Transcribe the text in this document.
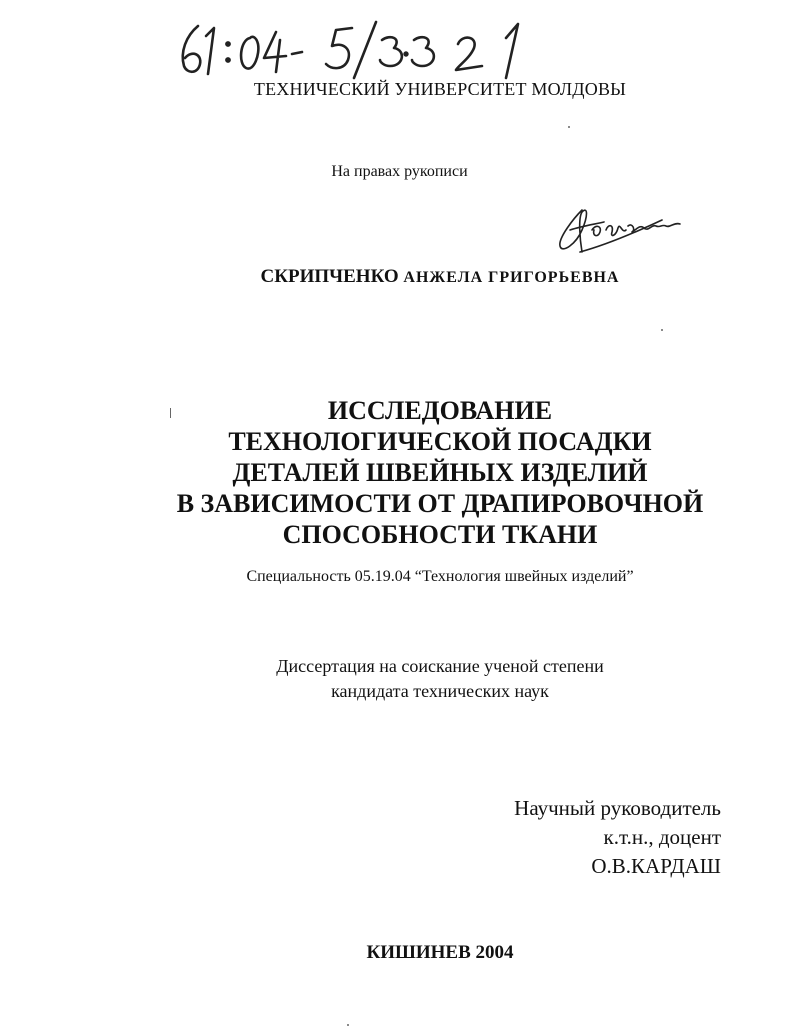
ТЕХНИЧЕСКИЙ УНИВЕРСИТЕТ МОЛДОВЫ
На правах рукописи
СКРИПЧЕНКО АНЖЕЛА ГРИГОРЬЕВНА
ИССЛЕДОВАНИЕ
ТЕХНОЛОГИЧЕСКОЙ ПОСАДКИ
ДЕТАЛЕЙ ШВЕЙНЫХ ИЗДЕЛИЙ
В ЗАВИСИМОСТИ ОТ ДРАПИРОВОЧНОЙ
СПОСОБНОСТИ ТКАНИ
Специальность 05.19.04 “Технология швейных изделий”
Диссертация на соискание ученой степени
кандидата технических наук
Научный руководитель
к.т.н., доцент
О.В.КАРДАШ
КИШИНЕВ 2004
